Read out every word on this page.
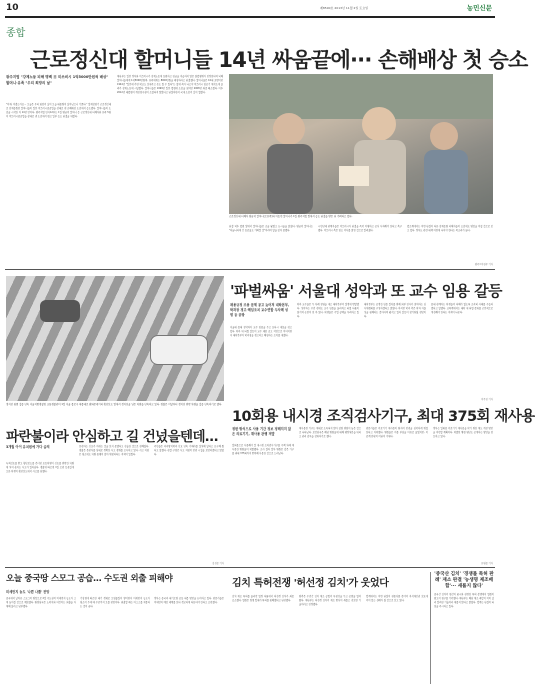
10	제8590호 2013년 11월 2일 토요일	농민신문
종합
근로정신대 할머니들 14년 싸움끝에··· 손해배상 첫 승소
광주지법 "강제노동 피해 명백 日 미쓰비시 1억5000만원씩 배상" 할머니·유족 "우리 희망의 날"
"이제, 이겼는가요… 오늘은 우리 희망의 날이 오늘 대통령이 살아남으니 기쁘다." 일제강점기 근로정신대로 강제동원된 할머니들이 일본 미쓰비시중공업을 상대로 낸 손해배상 소송에서 승소했다. 할머니들이 소송을 시작한 지 14년 만이다. 광주지법 민사12부는 1일 양금덕 할머니 등 근로정신대 피해자와 유족 5명이 미쓰비시중공업을 상대로 낸 소송에서 원고 일부 승소 판결을 내렸다.
재판부는 일본 정부와 미쓰비시가 강제노동에 동원하고 임금을 지급하지 않은 불법행위가 인정된다며 피해 할머니들에게 1억5000만원씩, 유족에게는 8000만원을 배상하라고 판결했다. 할머니들은 10대 초반이던 1944년 "일본에 가면 학교도 보내주고 돈도 벌 수 있다"는 말에 속아 나고야 미쓰비시 항공기 제작소에 끌려가 강제노동에 시달렸다. 할머니들은 1999년 일본 법원에 소송을 냈지만 2008년 최종 패소했다. 이후 2012년 대법원이 개인청구권이 소멸되지 않았다고 판결하면서 국내 소송의 길이 열렸다.
근로정신대 피해자 양금덕 할머니(오른쪽)와 이동련 할머니가 1일 광주지법 앞에서 승소 판결을 받은 뒤 기뻐하고 있다.
판결 직후 법원 앞에서 할머니들은 손을 맞잡고 눈시울을 붉혔다. 양금덕 할머니는 "하늘나라에 간 동료들도 기뻐할 것"이라며 말을 잇지 못했다.
시민단체 관계자들은 미쓰비시가 판결을 즉각 이행하고 공식 사과해야 한다고 촉구했다. 미쓰비시 측은 항소 의사를 밝힌 것으로 알려졌다.
법조계에서는 이번 판결이 다른 강제동원 피해자들의 소송에도 영향을 미칠 것으로 보고 있다. 정부도 관련 대책 마련에 나서야 한다는 목소리가 높다.
광주=이현주 기자
'파벌싸움' 서울대 성악과 또 교수 임용 갈등
채용규정 조용 문제 공고 늦어져 대학본부, 학과장 경고·해임조치 교수연합 두차례 성명 등 공방
서울대 음대 성악과가 교수 임용을 두고 또다시 내홍을 겪고 있다. 학과 내 파벌 갈등이 교수 채용 공고 지연으로 이어지면서 대학본부가 학과장을 경고하고 해임하는 조치를 내렸다.
학과 교수들은 두 차례 성명을 내고 대학본부의 결정에 반발했다. 성악과는 수년 전에도 교수 임용을 둘러싸고 파벌 다툼이 불거져 논란이 된 바 있다. 학생들은 수업 공백을 우려하고 있다.
대학본부는 공정한 임용 절차를 위해 외부 인사가 참여하는 심사위원회를 구성하겠다고 밝혔다. 하지만 학과 측은 학과 자율성을 침해하는 것이라며 맞서고 있어 갈등이 장기화될 전망이다.
음대 관계자는 학생들의 피해가 없도록 조속히 사태를 수습하겠다고 말했다. 교육계에서는 대학 내 파벌 문화를 근본적으로 개선해야 한다는 지적이 나온다.
이무진 기자
정지선 침범 집중 단속 서울지방경찰청 교통경찰관이 1일 서울 종로구 세종대로 광화문네거리 횡단보도 앞에서 정지선을 넘은 차량을 단속하고 있다. 경찰은 이달부터 정지선 위반 차량을 집중 단속하기로 했다.
파란불이라 안심하고 길 건넜을텐데…
3개월 아이 유치원에 가다 숨져
녹색신호를 받고 횡단보도를 건너던 초등학생이 신호를 위반한 차량에 치여 숨지는 사고가 일어났다. 경찰에 따르면 1일 오전 등굣길에 오른 학생이 횡단보도에서 사고를 당했다.
운전자는 신호가 바뀌는 것을 보지 못했다고 진술한 것으로 전해졌다. 경찰은 운전자를 상대로 정확한 사고 경위를 조사하고 있다. 사고 지점은 평소에도 차량 통행이 많아 위험하다는 지적이 있었다.
주민들은 과속방지턱과 신호 단속 카메라를 설치해 달라고 요구해 왔다고 말했다. 관할 구청은 사고 지점의 안전 시설을 보강하겠다고 밝혔다.
김성준 기자
10회용 내시경 조직검사기구, 최대 375회 재사용
정한 방식으로 사용 기간 정보 정해지지 않은 의료기기, 재사용 관행 적발
일회용으로 사용해야 할 내시경 조직검사기구를 수백 차례 재사용한 병원들이 적발됐다. 조사 결과 일부 병원은 같은 기구를 최대 375회까지 반복해 사용한 것으로 드러났다.
재사용된 기구는 제대로 소독되지 않아 감염 위험이 높은 것으로 나타났다. 보건당국은 해당 병원들에 대해 행정처분을 내리고 관리 감독을 강화하기로 했다.
전문가들은 의료기기 재사용이 환자의 안전을 심각하게 위협한다고 지적했다. 병원들은 비용 부담을 이유로 들었지만, 의료계 안팎의 비판이 거세다.
정부는 일회용 의료기기 재사용을 막기 위한 제도 개선 방안을 마련할 계획이다. 적발된 병원 명단도 공개하는 방안을 검토하고 있다.
유영중 기자
오늘 중국땅 스모그 공습… 수도권 외출 피해야
미세먼지 농도 '나쁜 나쁨' 전망
중국에서 날아온 스모그의 영향으로 2일 수도권의 미세먼지 농도가 크게 높아질 것으로 예보됐다. 환경당국은 노약자와 어린이는 외출을 자제해 달라고 당부했다.
기상청에 따르면 대기 정체로 오염물질이 쌓이면서 미세먼지 농도가 평소의 두세 배 수준까지 오를 전망이다. 외출할 때는 마스크를 착용하는 것이 좋다.
정부는 중국과 대기오염 공동 대응 방안을 논의하고 있다. 전문가들은 미세먼지 예보 체계를 보다 정교하게 다듬어야 한다고 조언했다.
김치 특허전쟁 '허선정 김치'가 웃었다
김치 제조 특허를 둘러싼 법정 다툼에서 허선정 김치가 최종 승소했다. 법원은 경쟁 업체가 특허를 침해했다고 판단했다.
양측은 수년간 김치 제조 공법의 독창성을 두고 공방을 벌여 왔다. 재판부는 허선정 김치의 제조 방식이 새롭고 진보된 기술이라고 인정했다.
업계에서는 이번 판결이 전통식품 분야의 지식재산권 보호에 의미 있는 선례가 될 것으로 보고 있다.
'중국산 김치' '경쟁률 특허 판례' 재소 판결 '농생명 제조배합'··· 새롭지 않다'
중국산 김치의 원산지 표시와 관련한 특허 분쟁에서 법원이 원고의 청구를 기각했다. 재판부는 해당 제조 배합이 이미 널리 알려진 기술이라 새롭지 않다고 밝혔다. 업계는 판결의 파장을 주시하고 있다.
